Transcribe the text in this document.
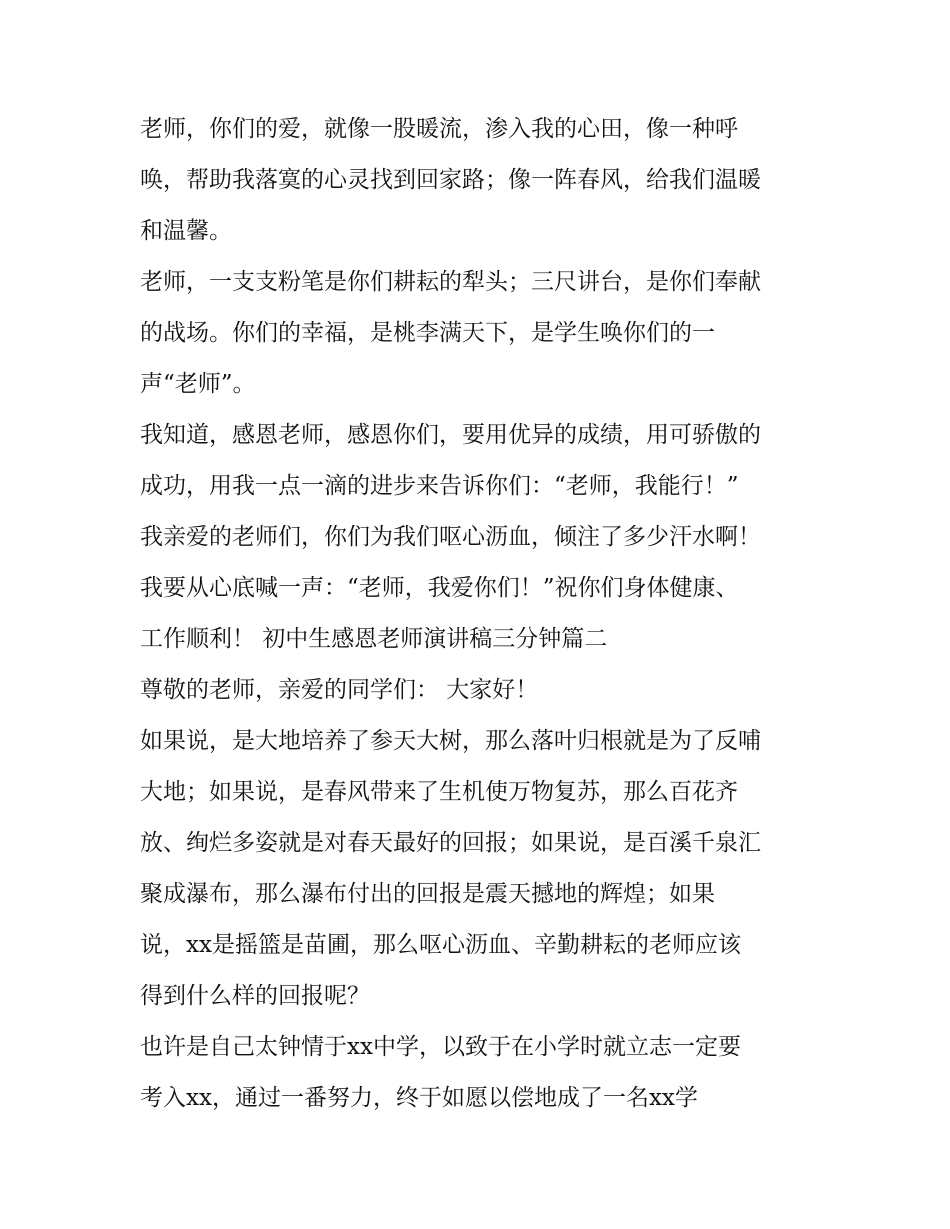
老师，你们的爱，就像一股暖流，渗入我的心田，像一种呼
唤，帮助我落寞的心灵找到回家路；像一阵春风，给我们温暖
和温馨。
老师，一支支粉笔是你们耕耘的犁头；三尺讲台，是你们奉献
的战场。你们的幸福，是桃李满天下，是学生唤你们的一
声“老师”。
我知道，感恩老师，感恩你们，要用优异的成绩，用可骄傲的
成功，用我一点一滴的进步来告诉你们：“老师，我能行！”
我亲爱的老师们，你们为我们呕心沥血，倾注了多少汗水啊！
我要从心底喊一声：“老师，我爱你们！”祝你们身体健康、
工作顺利！ 初中生感恩老师演讲稿三分钟篇二
尊敬的老师，亲爱的同学们： 大家好！
如果说，是大地培养了参天大树，那么落叶归根就是为了反哺
大地；如果说，是春风带来了生机使万物复苏，那么百花齐
放、绚烂多姿就是对春天最好的回报；如果说，是百溪千泉汇
聚成瀑布，那么瀑布付出的回报是震天撼地的辉煌；如果
说，xx是摇篮是苗圃，那么呕心沥血、辛勤耕耘的老师应该
得到什么样的回报呢？
也许是自己太钟情于xx中学，以致于在小学时就立志一定要
考入xx，通过一番努力，终于如愿以偿地成了一名xx学
